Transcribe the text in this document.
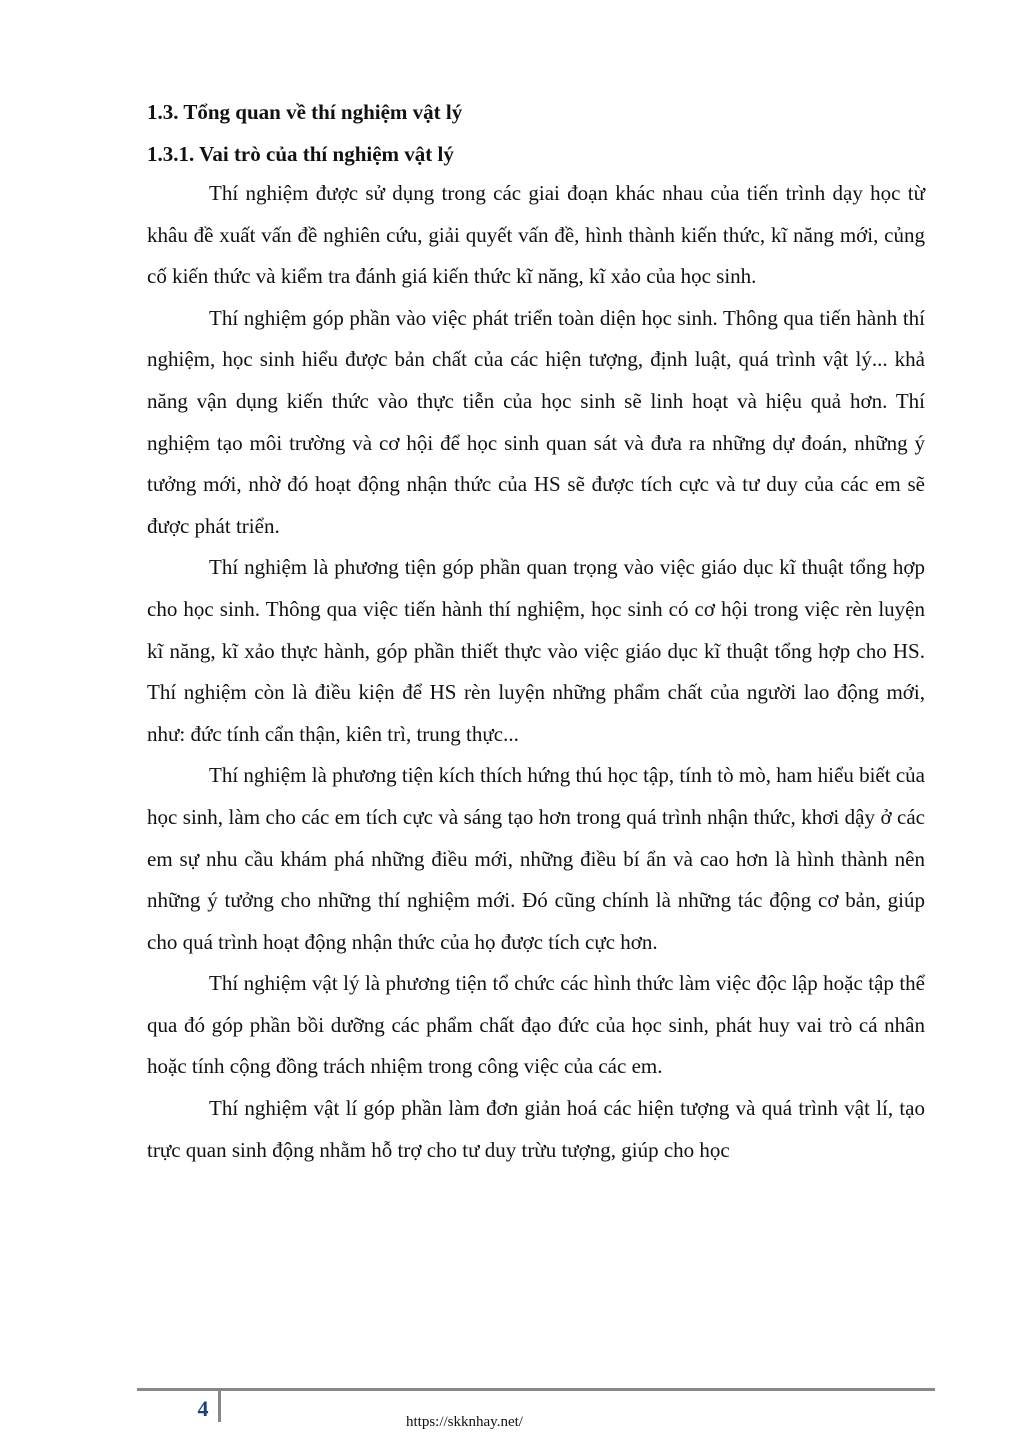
1.3. Tổng quan về thí nghiệm vật lý
1.3.1. Vai trò của thí nghiệm vật lý

Thí nghiệm được sử dụng trong các giai đoạn khác nhau của tiến trình dạy học từ khâu đề xuất vấn đề nghiên cứu, giải quyết vấn đề, hình thành kiến thức, kĩ năng mới, củng cố kiến thức và kiểm tra đánh giá kiến thức kĩ năng, kĩ xảo của học sinh.

Thí nghiệm góp phần vào việc phát triển toàn diện học sinh. Thông qua tiến hành thí nghiệm, học sinh hiểu được bản chất của các hiện tượng, định luật, quá trình vật lý... khả năng vận dụng kiến thức vào thực tiễn của học sinh sẽ linh hoạt và hiệu quả hơn. Thí nghiệm tạo môi trường và cơ hội để học sinh quan sát và đưa ra những dự đoán, những ý tưởng mới, nhờ đó hoạt động nhận thức của HS sẽ được tích cực và tư duy của các em sẽ được phát triển.

Thí nghiệm là phương tiện góp phần quan trọng vào việc giáo dục kĩ thuật tổng hợp cho học sinh. Thông qua việc tiến hành thí nghiệm, học sinh có cơ hội trong việc rèn luyện kĩ năng, kĩ xảo thực hành, góp phần thiết thực vào việc giáo dục kĩ thuật tổng hợp cho HS. Thí nghiệm còn là điều kiện để HS rèn luyện những phẩm chất của người lao động mới, như: đức tính cẩn thận, kiên trì, trung thực...

Thí nghiệm là phương tiện kích thích hứng thú học tập, tính tò mò, ham hiểu biết của học sinh, làm cho các em tích cực và sáng tạo hơn trong quá trình nhận thức, khơi dậy ở các em sự nhu cầu khám phá những điều mới, những điều bí ẩn và cao hơn là hình thành nên những ý tưởng cho những thí nghiệm mới. Đó cũng chính là những tác động cơ bản, giúp cho quá trình hoạt động nhận thức của họ được tích cực hơn.

Thí nghiệm vật lý là phương tiện tổ chức các hình thức làm việc độc lập hoặc tập thể qua đó góp phần bồi dưỡng các phẩm chất đạo đức của học sinh, phát huy vai trò cá nhân hoặc tính cộng đồng trách nhiệm trong công việc của các em.

Thí nghiệm vật lí góp phần làm đơn giản hoá các hiện tượng và quá trình vật lí, tạo trực quan sinh động nhằm hỗ trợ cho tư duy trừu tượng, giúp cho học

4
https://skknhay.net/
